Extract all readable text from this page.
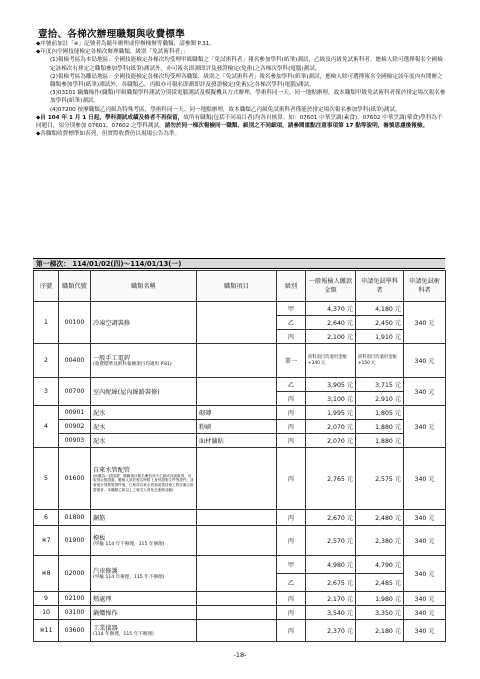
壹拾、各梯次辦理職類與收費標準

◆序號前加註「※」記號者為隨年辦理或停辦梯辦等職類，請參閱 P.31。

◆年度內全國技能檢定各梯次辦理職類、級別「免試術科者」：

(1)報檢考區為本島地區：全國技能檢定各梯次均受理甲級職類之「免試術科者」報名參加學科(紙筆)測試，乙級及丙級免試術科者，應檢人除可選擇報名全國檢定該梯次有排定之職類參加學科(紙筆)測試外，亦可報名即測即評及發證檢定(免術)之各梯次學科(電腦)測試。

(2)報檢考區為離島地區：全國技能檢定各梯次均受理各職類、級別之「免試術科者」報名參加學科(紙筆)測試，應檢人除可選擇報名全國檢定該年度內有開辦之職類參加學科(紙筆)測試外，各職類乙、丙級亦可報名即測即評及發證檢定(免術)之各梯次學科(電腦)測試。

(3)03101 鍋爐操作(職類)甲級職類學科測試分別採電腦測試及模擬機具方式辦理，學術科同一天、同一地點辦理，故本職類甲級免試術科者僅於排定場次報名參加學科(紙筆)測試。

(4)07200 按摩職類乙丙級為特殊考區，學術科同一天、同一地點辦理，故本職類乙丙級免試術科者僅能於排定場次報名參加學科(紙筆)測試。

◆自 104 年 1 月 1 日起，學科測試成績及格者不再保留，故所有職類(包括不同項目者)均各自核算。如：07601 中華烹調(素食)、07602 中華烹調(葷食)學科為不同題目，須分別參加 07601、07602 之學科測試，請勿於同一梯次報檢同一職類、級別之不同細項，請參閱重點注意事項第 17 點等說明，審慎思慮後報檢。

◆各職類收費標準如表列，但實際收費仍以現場公告為準。

第一梯次： 114/01/02(四)～114/01/13(一)
序號	職類代號	職類名稱	職類項目	級別	一般報檢人繳款金額	申請免試學科者	申請免試術科者
1	00100	冷凍空調裝修		甲	4,370 元	4,180 元	340 元
				乙	2,640 元	2,450 元	
				丙	2,100 元	1,910 元	
2	00400	一般手工電銲
(收費標準及術科報檢項目均適用 P.81)		單一	術科項目均適用金額+340 元	術科項目均適用金額+150 元	340 元
3	00700	室內配線(屋內線路裝修)		乙	3,905 元	3,715 元	340 元
				丙	3,100 元	2,910 元	
4	00901	泥水	砌磚	丙	1,995 元	1,805 元	340 元
	00902	泥水	粉刷	丙	2,070 元	1,880 元	
	00903	泥水	面材舖貼	丙	2,070 元	1,880 元	
5	01600	自來水管配管
(而職為一試兩證，隨職項目報名參加其中乙級或丙級級別，可取得合格證書，應檢人須於報名時附上身份證明文件等證件，並會後分別核對證件後，已取得自來水管承裝業技術工程評審合格證書者，本職類乙級以上之報名人員免去進修活動)		丙	2,765 元	2,575 元	340 元
6	01800	銅筋		丙	2,670 元	2,480 元	340 元
※7	01900	模板
(甲級 114 年不辦理，115 年辦理)		丙	2,570 元	2,380 元	340 元
※8	02000	汽車修護
(甲級 114 年辦理，115 年不辦理)		甲	4,980 元	4,790 元	340 元
				乙	2,675 元	2,485 元	
9	02100	熱處理		丙	2,170 元	1,980 元	340 元
10	03100	鍋爐操作		丙	3,540 元	3,350 元	340 元
※11	03600	工業儀器
(114 年辦理，115 年不辦理)		丙	2,370 元	2,180 元	340 元
-18-
